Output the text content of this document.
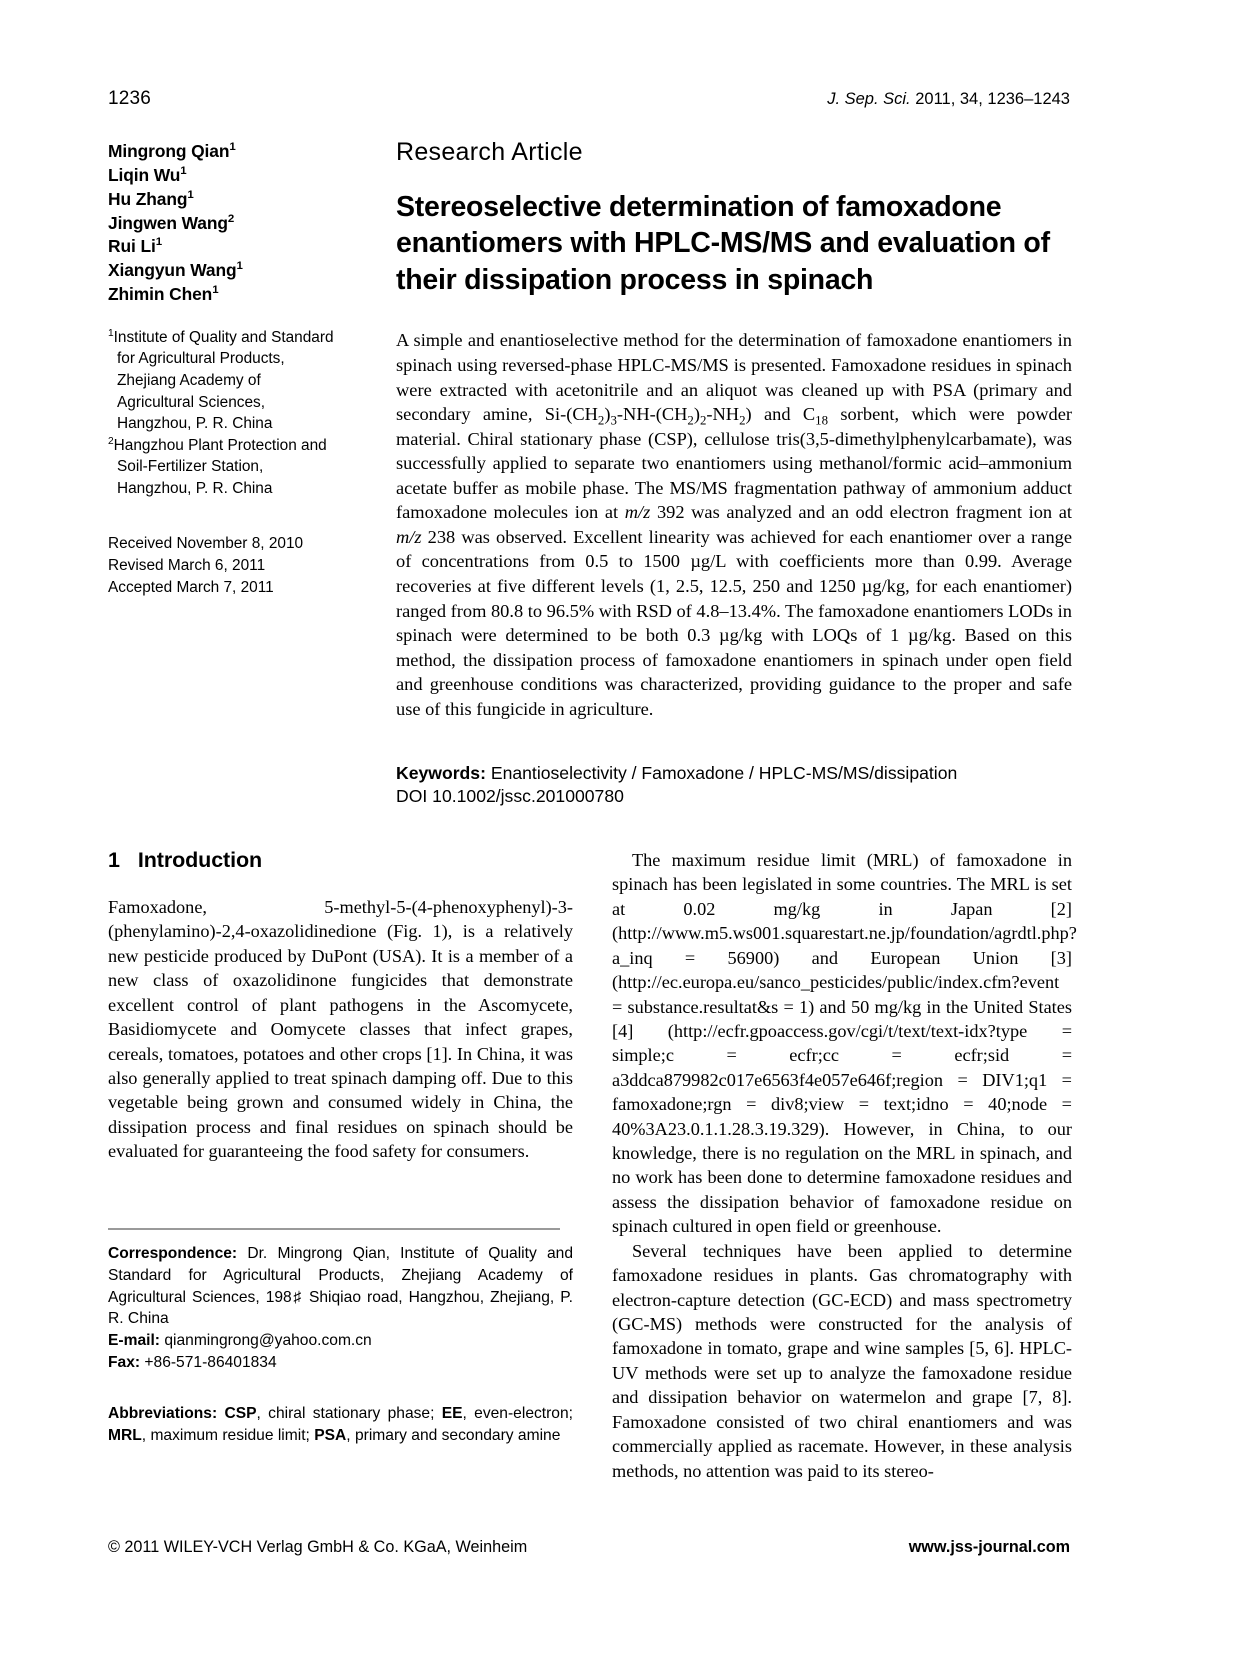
1236	J. Sep. Sci. 2011, 34, 1236–1243
Mingrong Qian$^1$
Liqin Wu$^1$
Hu Zhang$^1$
Jingwen Wang$^2$
Rui Li$^1$
Xiangyun Wang$^1$
Zhimin Chen$^1$
$^1$Institute of Quality and Standard
for Agricultural Products,
Zhejiang Academy of
Agricultural Sciences,
Hangzhou, P. R. China
$^2$Hangzhou Plant Protection and
Soil-Fertilizer Station,
Hangzhou, P. R. China
Received November 8, 2010
Revised March 6, 2011
Accepted March 7, 2011
Research Article
Stereoselective determination of famoxadone enantiomers with HPLC-MS/MS and evaluation of their dissipation process in spinach
A simple and enantioselective method for the determination of famoxadone enantiomers in spinach using reversed-phase HPLC-MS/MS is presented. Famoxadone residues in spinach were extracted with acetonitrile and an aliquot was cleaned up with PSA (primary and secondary amine, $Si-(CH_2)_3-NH-(CH_2)_2-NH_2$) and $C_{18}$ sorbent, which were powder material. Chiral stationary phase (CSP), cellulose tris(3,5-dimethylphenylcarbamate), was successfully applied to separate two enantiomers using methanol/formic acid–ammonium acetate buffer as mobile phase. The MS/MS fragmentation pathway of ammonium adduct famoxadone molecules ion at m/z 392 was analyzed and an odd electron fragment ion at m/z 238 was observed. Excellent linearity was achieved for each enantiomer over a range of concentrations from 0.5 to 1500 µg/L with coefficients more than 0.99. Average recoveries at five different levels (1, 2.5, 12.5, 250 and 1250 µg/kg, for each enantiomer) ranged from 80.8 to 96.5% with RSD of 4.8–13.4%. The famoxadone enantiomers LODs in spinach were determined to be both 0.3 µg/kg with LOQs of 1 µg/kg. Based on this method, the dissipation process of famoxadone enantiomers in spinach under open field and greenhouse conditions was characterized, providing guidance to the proper and safe use of this fungicide in agriculture.
Keywords: Enantioselectivity / Famoxadone / HPLC-MS/MS/dissipation
DOI 10.1002/jssc.201000780
1 Introduction

Famoxadone, 5-methyl-5-(4-phenoxyphenyl)-3-(phenylamino)-2,4-oxazolidinedione (Fig. 1), is a relatively new pesticide produced by DuPont (USA). It is a member of a new class of oxazolidinone fungicides that demonstrate excellent control of plant pathogens in the Ascomycete, Basidiomycete and Oomycete classes that infect grapes, cereals, tomatoes, potatoes and other crops [1]. In China, it was also generally applied to treat spinach damping off. Due to this vegetable being grown and consumed widely in China, the dissipation process and final residues on spinach should be evaluated for guaranteeing the food safety for consumers.

The maximum residue limit (MRL) of famoxadone in spinach has been legislated in some countries. The MRL is set at 0.02 mg/kg in Japan [2] (http://www.m5.ws001.squarestart.ne.jp/foundation/agrdtl.php?a_inq = 56900) and European Union [3] (http://ec.europa.eu/sanco_pesticides/public/index.cfm?event = substance.resultat&s = 1) and 50 mg/kg in the United States [4] (http://ecfr.gpoaccess.gov/cgi/t/text/text-idx?type = simple;c = ecfr;cc = ecfr;sid = a3ddca879982c017e6563f4e057e646f;region = DIV1;q1 = famoxadone;rgn = div8;view = text;idno = 40;node = 40%3A23.0.1.1.28.3.19.329). However, in China, to our knowledge, there is no regulation on the MRL in spinach, and no work has been done to determine famoxadone residues and assess the dissipation behavior of famoxadone residue on spinach cultured in open field or greenhouse.

Several techniques have been applied to determine famoxadone residues in plants. Gas chromatography with electron-capture detection (GC-ECD) and mass spectrometry (GC-MS) methods were constructed for the analysis of famoxadone in tomato, grape and wine samples [5, 6]. HPLC-UV methods were set up to analyze the famoxadone residue and dissipation behavior on watermelon and grape [7, 8]. Famoxadone consisted of two chiral enantiomers and was commercially applied as racemate. However, in these analysis methods, no attention was paid to its stereo-

Correspondence: Dr. Mingrong Qian, Institute of Quality and Standard for Agricultural Products, Zhejiang Academy of Agricultural Sciences, 198♯ Shiqiao road, Hangzhou, Zhejiang, P. R. China
E-mail: qianmingrong@yahoo.com.cn
Fax: +86-571-86401834
Abbreviations: CSP, chiral stationary phase; EE, even-electron; MRL, maximum residue limit; PSA, primary and secondary amine
© 2011 WILEY-VCH Verlag GmbH & Co. KGaA, Weinheim	www.jss-journal.com
